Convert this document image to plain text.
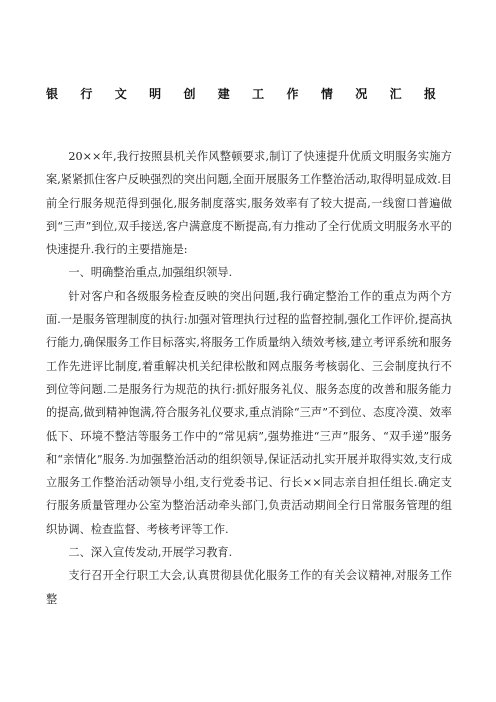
银 行 文 明 创 建 工 作 情 况 汇 报

20××年,我行按照县机关作风整顿要求,制订了快速提升优质文明服务实施方案,紧紧抓住客户反映强烈的突出问题,全面开展服务工作整治活动,取得明显成效.目前全行服务规范得到强化,服务制度落实,服务效率有了较大提高,一线窗口普遍做到“三声”到位,双手接送,客户满意度不断提高,有力推动了全行优质文明服务水平的快速提升.我行的主要措施是:

一、明确整治重点,加强组织领导.

针对客户和各级服务检查反映的突出问题,我行确定整治工作的重点为两个方面.一是服务管理制度的执行:加强对管理执行过程的监督控制,强化工作评价,提高执行能力,确保服务工作目标落实,将服务工作质量纳入绩效考核,建立考评系统和服务工作先进评比制度,着重解决机关纪律松散和网点服务考核弱化、三会制度执行不到位等问题.二是服务行为规范的执行:抓好服务礼仪、服务态度的改善和服务能力的提高,做到精神饱满,符合服务礼仪要求,重点消除“三声”不到位、态度冷漠、效率低下、环境不整洁等服务工作中的“常见病”,强势推进“三声”服务、“双手递”服务和“亲情化”服务.为加强整治活动的组织领导,保证活动扎实开展并取得实效,支行成立服务工作整治活动领导小组,支行党委书记、行长××同志亲自担任组长.确定支行服务质量管理办公室为整治活动牵头部门,负责活动期间全行日常服务管理的组织协调、检查监督、考核考评等工作.

二、深入宣传发动,开展学习教育.

支行召开全行职工大会,认真贯彻县优化服务工作的有关会议精神,对服务工作整
